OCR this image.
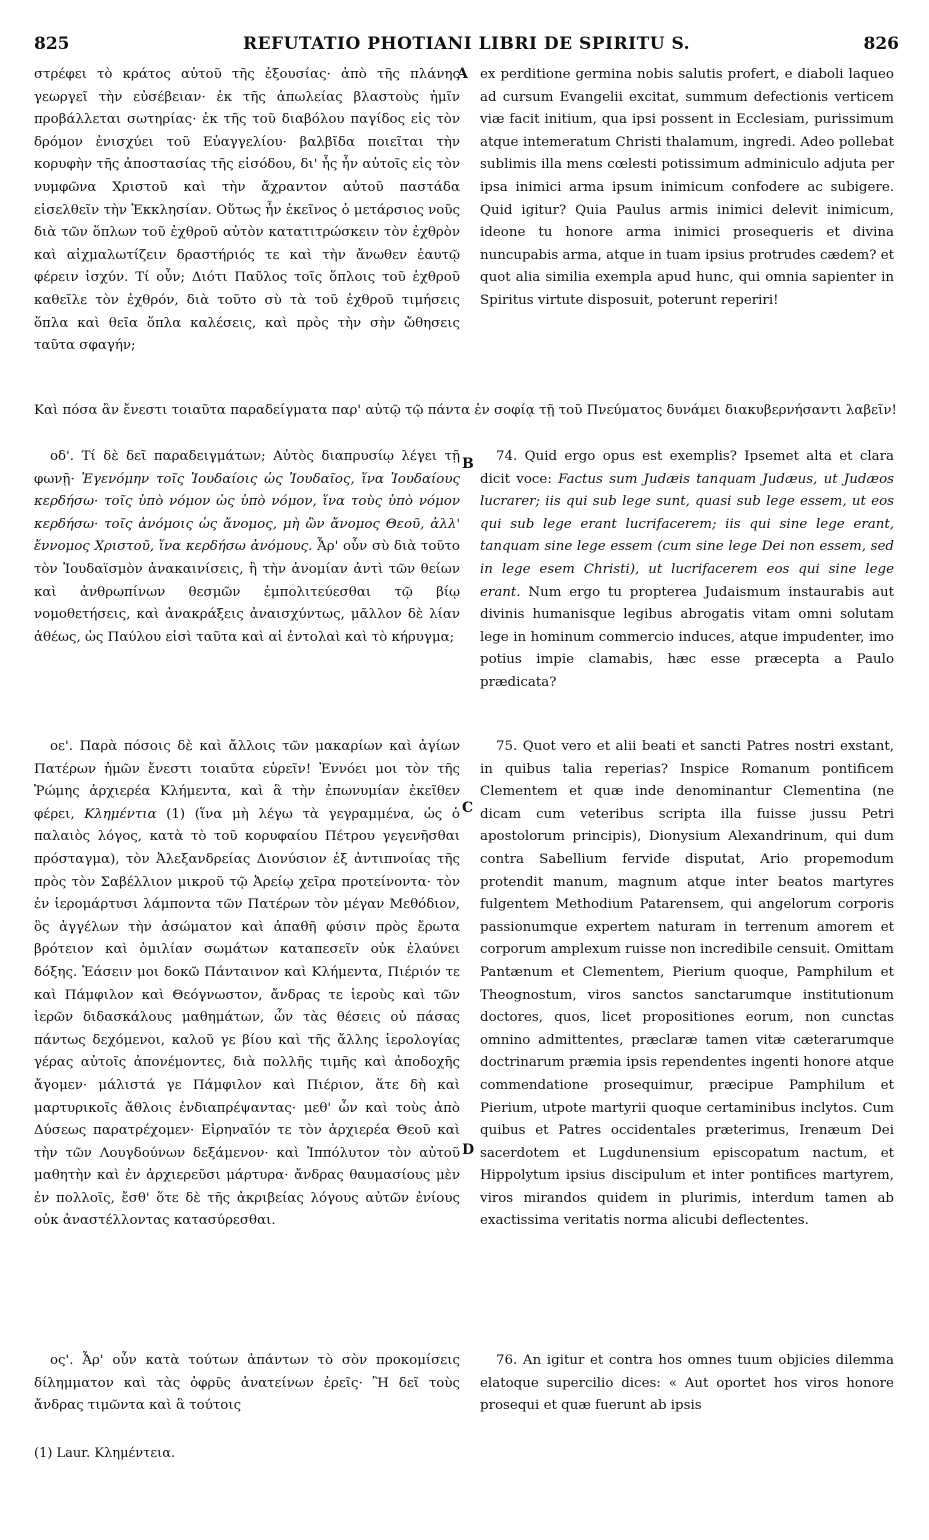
825	REFUTATIO PHOTIANI LIBRI DE SPIRITU S.	826
A
B
C
D

στρέφει τὸ κράτος αὐτοῦ τῆς ἐξουσίας· ἀπὸ τῆς πλάνης γεωργεῖ τὴν εὐσέβειαν· ἐκ τῆς ἀπωλείας βλαστοὺς ἡμῖν προβάλλεται σωτηρίας· ἐκ τῆς τοῦ διαβόλου παγίδος εἰς τὸν δρόμον ἐνισχύει τοῦ Εὐαγγελίου· βαλβῖδα ποιεῖται τὴν κορυφὴν τῆς ἀποστασίας τῆς εἰσόδου, δι' ἧς ἦν αὐτοῖς εἰς τὸν νυμφῶνα Χριστοῦ καὶ τὴν ἄχραντον αὐτοῦ παστάδα εἰσελθεῖν τὴν Ἐκκλησίαν. Οὕτως ἦν ἐκεῖνος ὁ μετάρσιος νοῦς διὰ τῶν ὅπλων τοῦ ἐχθροῦ αὐτὸν κατατιτρώσκειν τὸν ἐχθρὸν καὶ αἰχμαλωτίζειν δραστήριός τε καὶ τὴν ἄνωθεν ἑαυτῷ φέρειν ἰσχύν. Τί οὖν; Διότι Παῦλος τοῖς ὅπλοις τοῦ ἐχθροῦ καθεῖλε τὸν ἐχθρόν, διὰ τοῦτο σὺ τὰ τοῦ ἐχθροῦ τιμήσεις ὅπλα καὶ θεῖα ὅπλα καλέσεις, καὶ πρὸς τὴν σὴν ὤθησεις ταῦτα σφαγήν;

ex perditione germina nobis salutis profert, e diaboli laqueo ad cursum Evangelii excitat, summum defectionis verticem viæ facit initium, qua ipsi possent in Ecclesiam, purissimum atque intemeratum Christi thalamum, ingredi. Adeo pollebat sublimis illa mens cœlesti potissimum adminiculo adjuta per ipsa inimici arma ipsum inimicum confodere ac subigere. Quid igitur? Quia Paulus armis inimici delevit inimicum, ideone tu honore arma inimici prosequeris et divina nuncupabis arma, atque in tuam ipsius protrudes cædem? et quot alia similia exempla apud hunc, qui omnia sapienter in Spiritus virtute disposuit, poterunt reperiri!

Καὶ πόσα ἂν ἔνεστι τοιαῦτα παραδείγματα παρ' αὐτῷ τῷ πάντα ἐν σοφίᾳ τῇ τοῦ Πνεύματος δυνάμει διακυβερνήσαντι λαβεῖν!

οδ'. Τί δὲ δεῖ παραδειγμάτων; Αὐτὸς διαπρυσίῳ λέγει τῇ φωνῇ· Ἐγενόμην τοῖς Ἰουδαίοις ὡς Ἰουδαῖος, ἵνα Ἰουδαίους κερδήσω· τοῖς ὑπὸ νόμον ὡς ὑπὸ νόμον, ἵνα τοὺς ὑπὸ νόμον κερδήσω· τοῖς ἀνόμοις ὡς ἄνομος, μὴ ὢν ἄνομος Θεοῦ, ἀλλ' ἔννομος Χριστοῦ, ἵνα κερδήσω ἀνόμους. Ἆρ' οὖν σὺ διὰ τοῦτο τὸν Ἰουδαϊσμὸν ἀνακαινίσεις, ἢ τὴν ἀνομίαν ἀντὶ τῶν θείων καὶ ἀνθρωπίνων θεσμῶν ἐμπολιτεύεσθαι τῷ βίῳ νομοθετήσεις, καὶ ἀνακράξεις ἀναισχύντως, μᾶλλον δὲ λίαν ἀθέως, ὡς Παύλου εἰσὶ ταῦτα καὶ αἱ ἐντολαὶ καὶ τὸ κήρυγμα;

74. Quid ergo opus est exemplis? Ipsemet alta et clara dicit voce: Factus sum Judæis tanquam Judæus, ut Judæos lucrarer; iis qui sub lege sunt, quasi sub lege essem, ut eos qui sub lege erant lucrifacerem; iis qui sine lege erant, tanquam sine lege essem (cum sine lege Dei non essem, sed in lege esem Christi), ut lucrifacerem eos qui sine lege erant. Num ergo tu propterea Judaismum instaurabis aut divinis humanisque legibus abrogatis vitam omni solutam lege in hominum commercio induces, atque impudenter, imo potius impie clamabis, hæc esse præcepta a Paulo prædicata?

οε'. Παρὰ πόσοις δὲ καὶ ἄλλοις τῶν μακαρίων καὶ ἁγίων Πατέρων ἡμῶν ἔνεστι τοιαῦτα εὑρεῖν! Ἐννόει μοι τὸν τῆς Ῥώμης ἀρχιερέα Κλήμεντα, καὶ ἃ τὴν ἐπωνυμίαν ἐκεῖθεν φέρει, Κλημέντια (1) (ἵνα μὴ λέγω τὰ γεγραμμένα, ὡς ὁ παλαιὸς λόγος, κατὰ τὸ τοῦ κορυφαίου Πέτρου γεγενῆσθαι πρόσταγμα), τὸν Ἀλεξανδρείας Διονύσιον ἐξ ἀντιπνοίας τῆς πρὸς τὸν Σαβέλλιον μικροῦ τῷ Ἀρείῳ χεῖρα προτείνοντα· τὸν ἐν ἱερομάρτυσι λάμποντα τῶν Πατέρων τὸν μέγαν Μεθόδιον, ὃς ἀγγέλων τὴν ἀσώματον καὶ ἀπαθῆ φύσιν πρὸς ἔρωτα βρότειον καὶ ὁμιλίαν σωμάτων καταπεσεῖν οὐκ ἐλαύνει δόξης. Ἐάσειν μοι δοκῶ Πάνταινον καὶ Κλήμεντα, Πιέριόν τε καὶ Πάμφιλον καὶ Θεόγνωστον, ἄνδρας τε ἱεροὺς καὶ τῶν ἱερῶν διδασκάλους μαθημάτων, ὧν τὰς θέσεις οὐ πάσας πάντως δεχόμενοι, καλοῦ γε βίου καὶ τῆς ἄλλης ἱερολογίας γέρας αὐτοῖς ἀπονέμοντες, διὰ πολλῆς τιμῆς καὶ ἀποδοχῆς ἄγομεν· μάλιστά γε Πάμφιλον καὶ Πιέριον, ἅτε δὴ καὶ μαρτυρικοῖς ἄθλοις ἐνδιαπρέψαντας· μεθ' ὧν καὶ τοὺς ἀπὸ Δύσεως παρατρέχομεν· Εἰρηναῖόν τε τὸν ἀρχιερέα Θεοῦ καὶ τὴν τῶν Λουγδούνων δεξάμενον· καὶ Ἱππόλυτον τὸν αὐτοῦ μαθητὴν καὶ ἐν ἀρχιερεῦσι μάρτυρα· ἄνδρας θαυμασίους μὲν ἐν πολλοῖς, ἔσθ' ὅτε δὲ τῆς ἀκριβείας λόγους αὐτῶν ἐνίους οὐκ ἀναστέλλοντας κατασύρεσθαι.

75. Quot vero et alii beati et sancti Patres nostri exstant, in quibus talia reperias? Inspice Romanum pontificem Clementem et quæ inde denominantur Clementina (ne dicam cum veteribus scripta illa fuisse jussu Petri apostolorum principis), Dionysium Alexandrinum, qui dum contra Sabellium fervide disputat, Ario propemodum protendit manum, magnum atque inter beatos martyres fulgentem Methodium Patarensem, qui angelorum corporis passionumque expertem naturam in terrenum amorem et corporum amplexum ruisse non incredibile censuit. Omittam Pantænum et Clementem, Pierium quoque, Pamphilum et Theognostum, viros sanctos sanctarumque institutionum doctores, quos, licet propositiones eorum, non cunctas omnino admittentes, præclaræ tamen vitæ cæterarumque doctrinarum præmia ipsis rependentes ingenti honore atque commendatione prosequimur, præcipue Pamphilum et Pierium, utpote martyrii quoque certaminibus inclytos. Cum quibus et Patres occidentales præterimus, Irenæum Dei sacerdotem et Lugdunensium episcopatum nactum, et Hippolytum ipsius discipulum et inter pontifices martyrem, viros mirandos quidem in plurimis, interdum tamen ab exactissima veritatis norma alicubi deflectentes.

ος'. Ἆρ' οὖν κατὰ τούτων ἁπάντων τὸ σὸν προκομίσεις δίλημματον καὶ τὰς ὀφρῦς ἀνατείνων ἐρεῖς· Ἢ δεῖ τοὺς ἄνδρας τιμῶντα καὶ ἃ τούτοις

76. An igitur et contra hos omnes tuum objicies dilemma elatoque supercilio dices: « Aut oportet hos viros honore prosequi et quæ fuerunt ab ipsis

(1) Laur. Κλημέντεια.
